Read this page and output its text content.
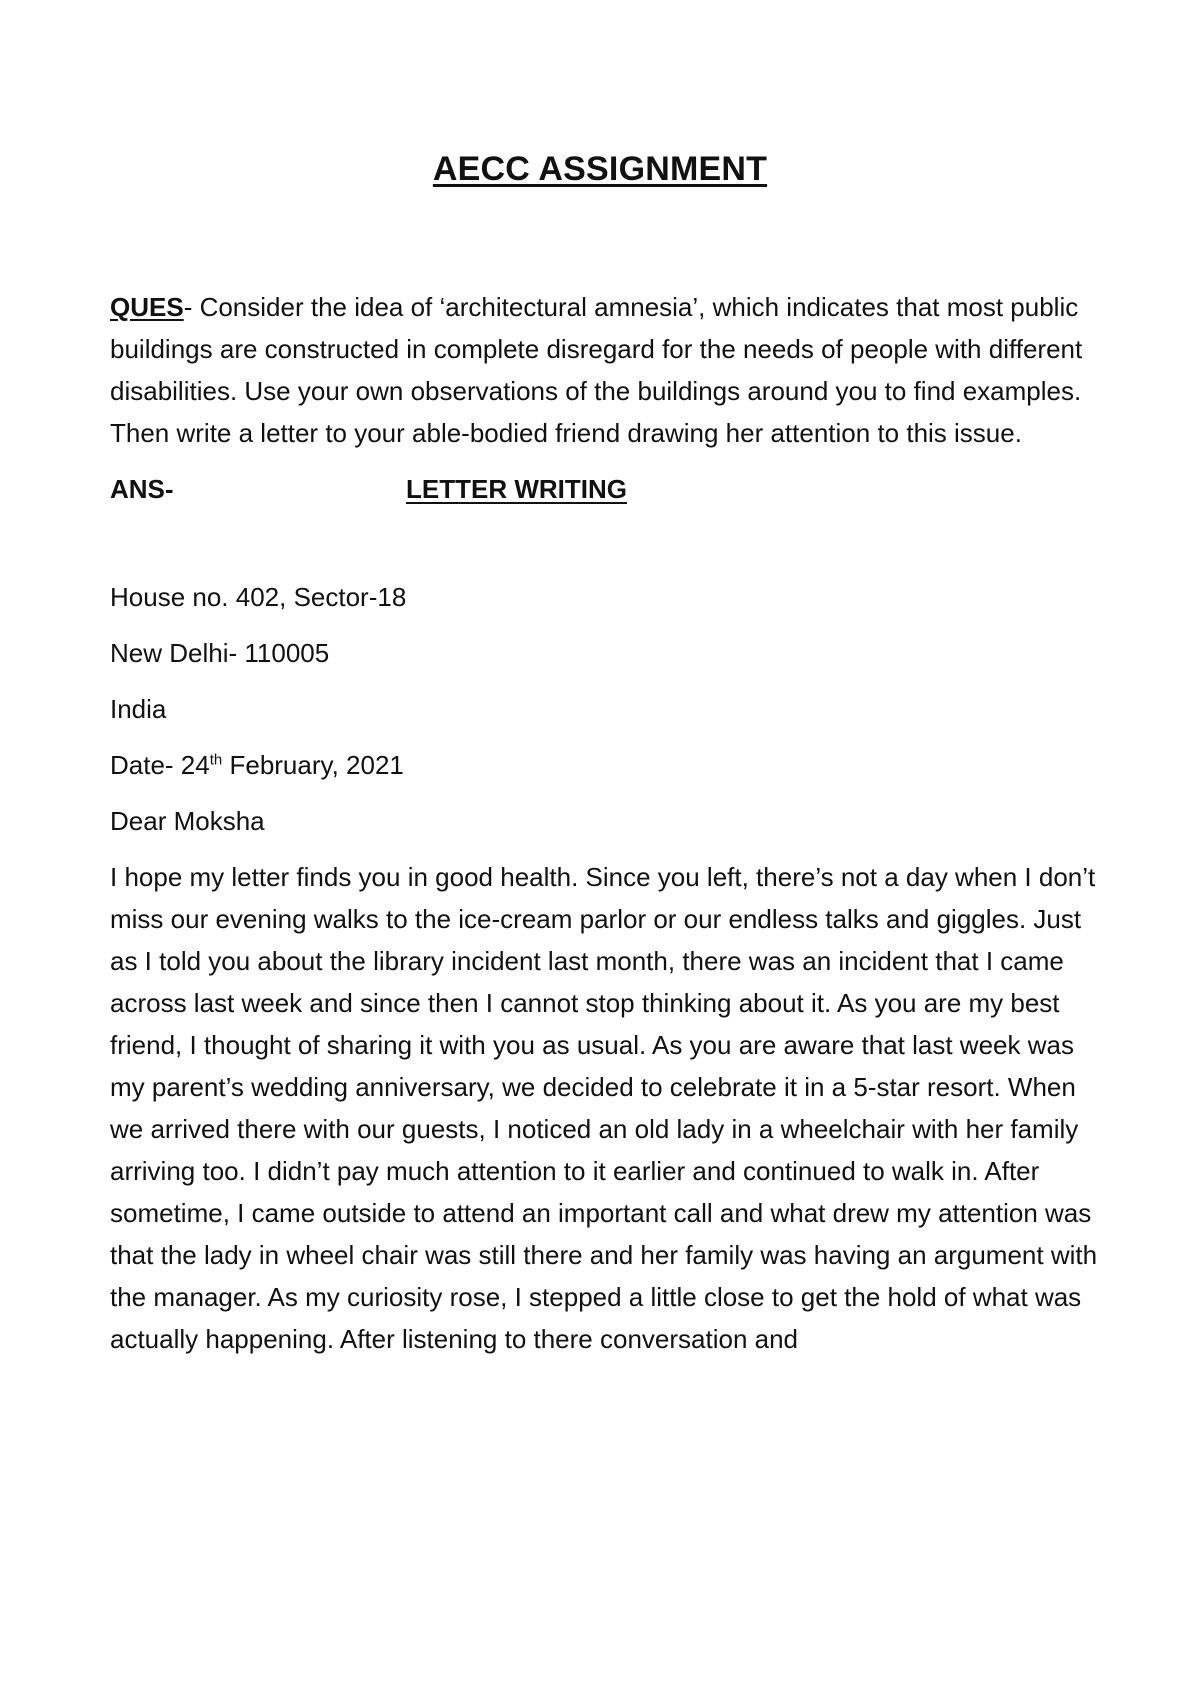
AECC ASSIGNMENT

QUES- Consider the idea of ‘architectural amnesia’, which indicates that most public buildings are constructed in complete disregard for the needs of people with different disabilities. Use your own observations of the buildings around you to find examples. Then write a letter to your able-bodied friend drawing her attention to this issue.

ANS-	LETTER WRITING
House no. 402, Sector-18
New Delhi- 110005
India
Date- 24th February, 2021
Dear Moksha

I hope my letter finds you in good health. Since you left, there’s not a day when I don’t miss our evening walks to the ice-cream parlor or our endless talks and giggles. Just as I told you about the library incident last month, there was an incident that I came across last week and since then I cannot stop thinking about it. As you are my best friend, I thought of sharing it with you as usual. As you are aware that last week was my parent’s wedding anniversary, we decided to celebrate it in a 5-star resort. When we arrived there with our guests, I noticed an old lady in a wheelchair with her family arriving too. I didn’t pay much attention to it earlier and continued to walk in. After sometime, I came outside to attend an important call and what drew my attention was that the lady in wheel chair was still there and her family was having an argument with the manager. As my curiosity rose, I stepped a little close to get the hold of what was actually happening. After listening to there conversation and
